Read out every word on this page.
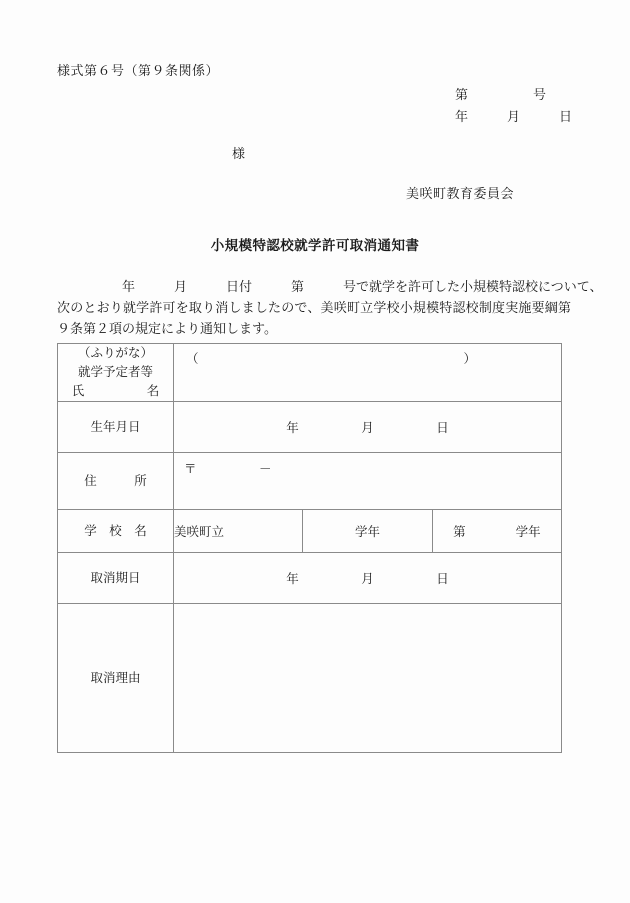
様式第６号（第９条関係）
第　　　　　号
年　　　月　　　日
様
美咲町教育委員会
小規模特認校就学許可取消通知書
　　　　　年　　　月　　　日付　　　第　　　号で就学を許可した小規模特認校について、
次のとおり就学許可を取り消しましたので、美咲町立学校小規模特認校制度実施要綱第９条第２項の規定により通知します。
（ふりがな）
就学予定者等
氏　　　　　名	（ ）		

生年月日	年　　　　　月　　　　　日		
住　　　所	〒　　　　　－		

学　校　名	美咲町立	学年	第　　　　学年
取消期日	年　　　　　月　　　　　日		
取消理由			
